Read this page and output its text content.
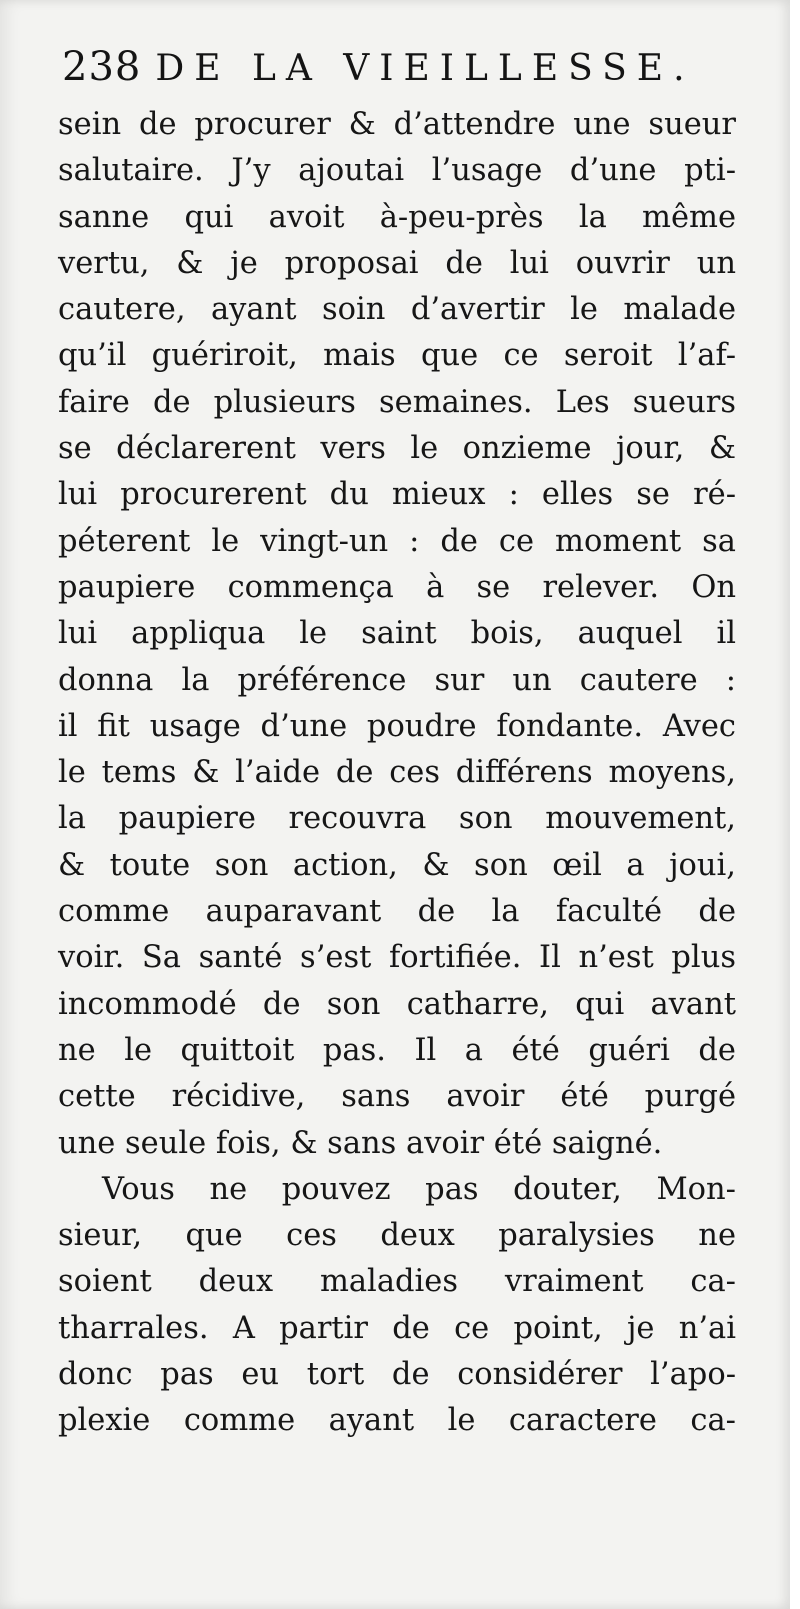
238 DE LA VIEILLESSE.
sein de procurer & d’attendre une sueur
salutaire. J’y ajoutai l’usage d’une pti-
sanne qui avoit à-peu-près la même
vertu, & je proposai de lui ouvrir un
cautere, ayant soin d’avertir le malade
qu’il guériroit, mais que ce seroit l’af-
faire de plusieurs semaines. Les sueurs
se déclarerent vers le onzieme jour, &
lui procurerent du mieux : elles se ré-
péterent le vingt-un : de ce moment sa
paupiere commença à se relever. On
lui appliqua le saint bois, auquel il
donna la préférence sur un cautere :
il fit usage d’une poudre fondante. Avec
le tems & l’aide de ces différens moyens,
la paupiere recouvra son mouvement,
& toute son action, & son œil a joui,
comme auparavant de la faculté de
voir. Sa santé s’est fortifiée. Il n’est plus
incommodé de son catharre, qui avant
ne le quittoit pas. Il a été guéri de
cette récidive, sans avoir été purgé
une seule fois, & sans avoir été saigné.
Vous ne pouvez pas douter, Mon-
sieur, que ces deux paralysies ne
soient deux maladies vraiment ca-
tharrales. A partir de ce point, je n’ai
donc pas eu tort de considérer l’apo-
plexie comme ayant le caractere ca-
